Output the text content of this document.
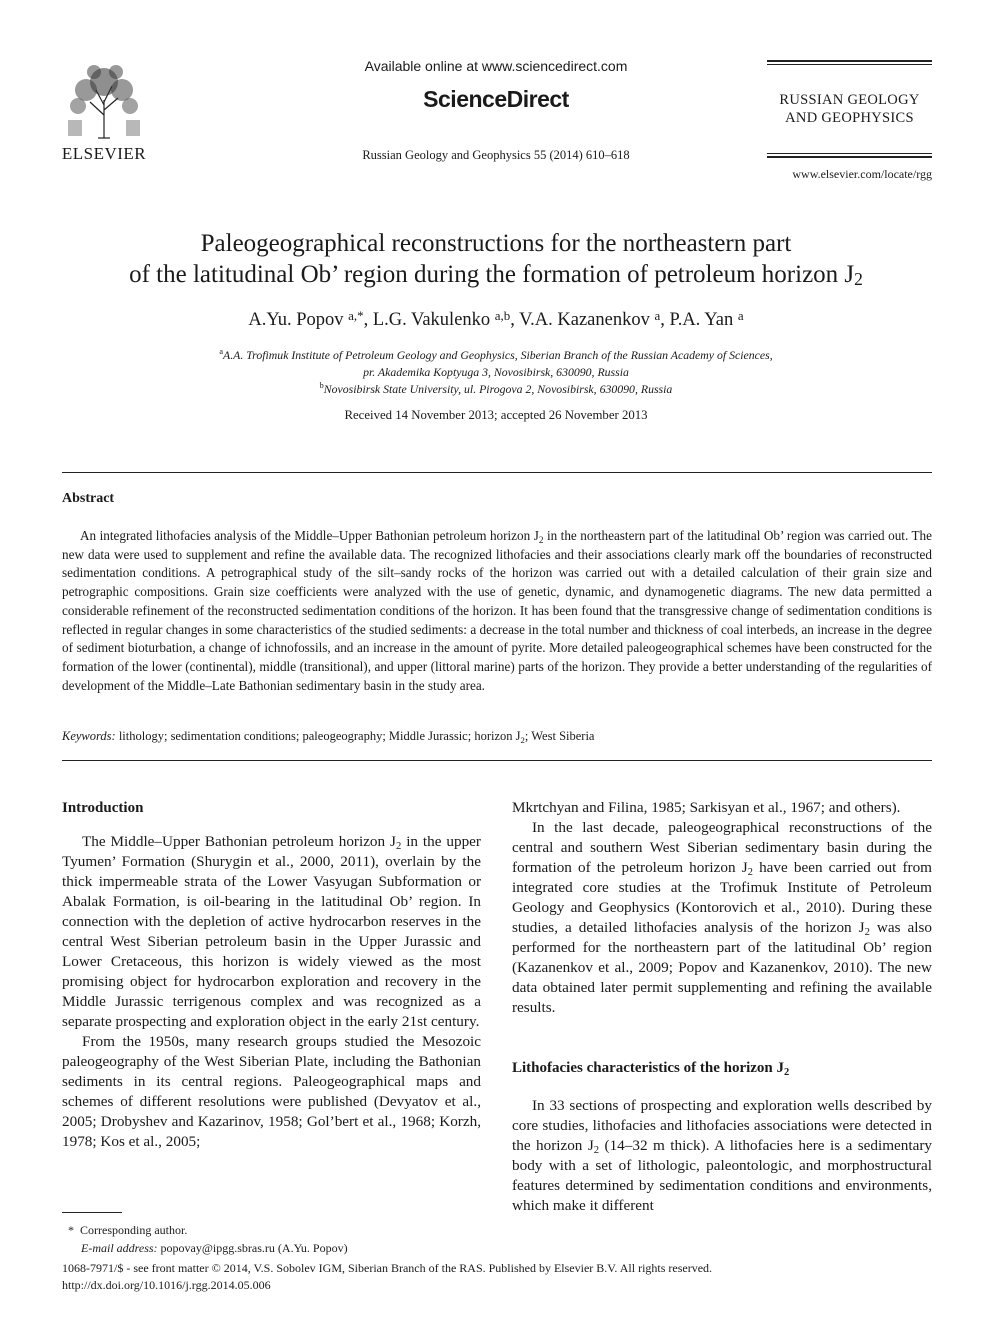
ELSEVIER
Available online at www.sciencedirect.com
ScienceDirect
Russian Geology and Geophysics 55 (2014) 610–618
RUSSIAN GEOLOGY
AND GEOPHYSICS
www.elsevier.com/locate/rgg
Paleogeographical reconstructions for the northeastern part
of the latitudinal Ob’ region during the formation of petroleum horizon $J_2$
A.Yu. Popov $^{a,*}$, L.G. Vakulenko $^{a,b}$, V.A. Kazanenkov $^a$, P.A. Yan $^a$
$^a$A.A. Trofimuk Institute of Petroleum Geology and Geophysics, Siberian Branch of the Russian Academy of Sciences,
pr. Akademika Koptyuga 3, Novosibirsk, 630090, Russia
$^b$Novosibirsk State University, ul. Pirogova 2, Novosibirsk, 630090, Russia
Received 14 November 2013; accepted 26 November 2013
Abstract
An integrated lithofacies analysis of the Middle–Upper Bathonian petroleum horizon $J_2$ in the northeastern part of the latitudinal Ob’ region was carried out. The new data were used to supplement and refine the available data. The recognized lithofacies and their associations clearly mark off the boundaries of reconstructed sedimentation conditions. A petrographical study of the silt–sandy rocks of the horizon was carried out with a detailed calculation of their grain size and petrographic compositions. Grain size coefficients were analyzed with the use of genetic, dynamic, and dynamogenetic diagrams. The new data permitted a considerable refinement of the reconstructed sedimentation conditions of the horizon. It has been found that the transgressive change of sedimentation conditions is reflected in regular changes in some characteristics of the studied sediments: a decrease in the total number and thickness of coal interbeds, an increase in the degree of sediment bioturbation, a change of ichnofossils, and an increase in the amount of pyrite. More detailed paleogeographical schemes have been constructed for the formation of the lower (continental), middle (transitional), and upper (littoral marine) parts of the horizon. They provide a better understanding of the regularities of development of the Middle–Late Bathonian sedimentary basin in the study area.
Keywords: lithology; sedimentation conditions; paleogeography; Middle Jurassic; horizon $J_2$; West Siberia

Introduction

The Middle–Upper Bathonian petroleum horizon $J_2$ in the upper Tyumen’ Formation (Shurygin et al., 2000, 2011), overlain by the thick impermeable strata of the Lower Vasyugan Subformation or Abalak Formation, is oil-bearing in the latitudinal Ob’ region. In connection with the depletion of active hydrocarbon reserves in the central West Siberian petroleum basin in the Upper Jurassic and Lower Cretaceous, this horizon is widely viewed as the most promising object for hydrocarbon exploration and recovery in the Middle Jurassic terrigenous complex and was recognized as a separate prospecting and exploration object in the early 21st century.

From the 1950s, many research groups studied the Mesozoic paleogeography of the West Siberian Plate, including the Bathonian sediments in its central regions. Paleogeographical maps and schemes of different resolutions were published (Devyatov et al., 2005; Drobyshev and Kazarinov, 1958; Gol’bert et al., 1968; Korzh, 1978; Kos et al., 2005;

Mkrtchyan and Filina, 1985; Sarkisyan et al., 1967; and others).

In the last decade, paleogeographical reconstructions of the central and southern West Siberian sedimentary basin during the formation of the petroleum horizon $J_2$ have been carried out from integrated core studies at the Trofimuk Institute of Petroleum Geology and Geophysics (Kontorovich et al., 2010). During these studies, a detailed lithofacies analysis of the horizon $J_2$ was also performed for the northeastern part of the latitudinal Ob’ region (Kazanenkov et al., 2009; Popov and Kazanenkov, 2010). The new data obtained later permit supplementing and refining the available results.

Lithofacies characteristics of the horizon $J_2$

In 33 sections of prospecting and exploration wells described by core studies, lithofacies and lithofacies associations were detected in the horizon $J_2$ (14–32 m thick). A lithofacies here is a sedimentary body with a set of lithologic, paleontologic, and morphostructural features determined by sedimentation conditions and environments, which make it different

* Corresponding author.
E-mail address: popovay@ipgg.sbras.ru (A.Yu. Popov)
1068-7971/$ - see front matter © 2014, V.S. Sobolev IGM, Siberian Branch of the RAS. Published by Elsevier B.V. All rights reserved.
http://dx.doi.org/10.1016/j.rgg.2014.05.006
